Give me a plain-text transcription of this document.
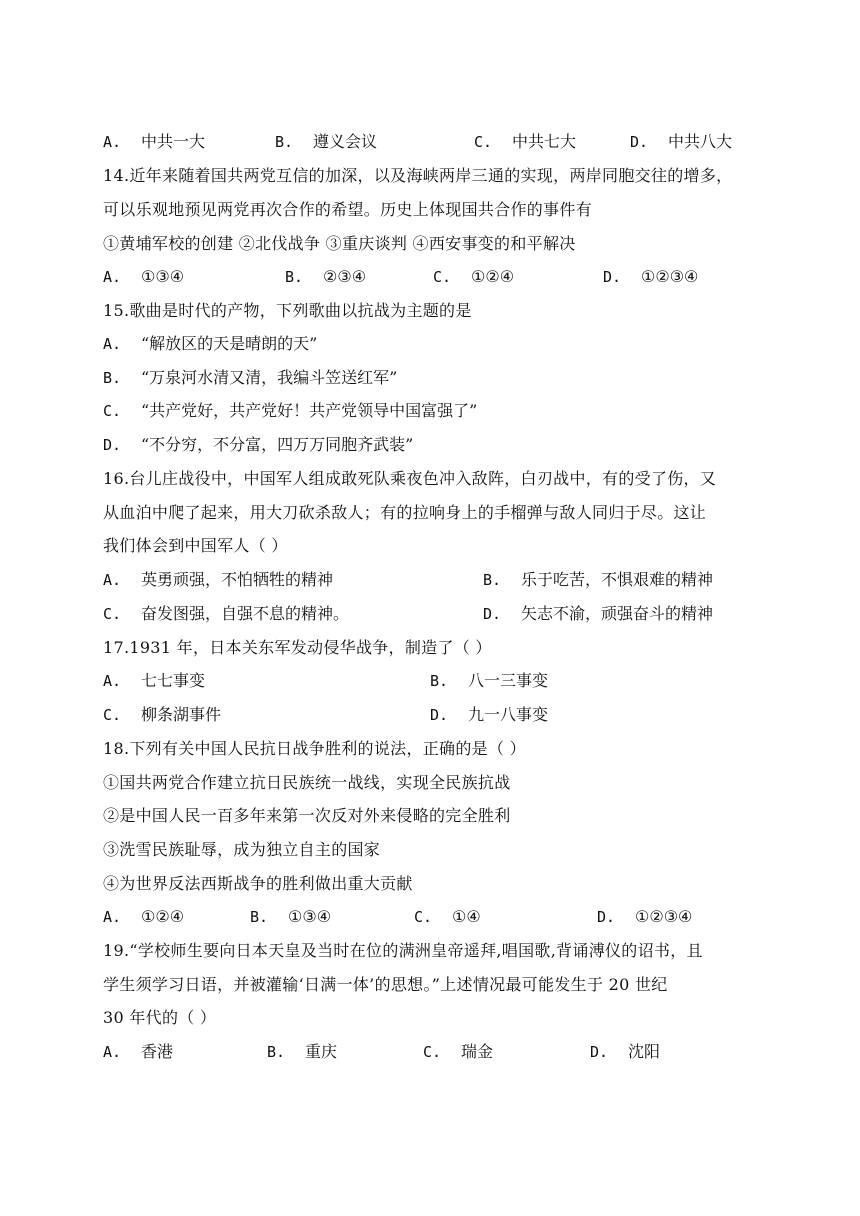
A. 中共一大	B. 遵义会议	C. 中共七大	D. 中共八大
14.近年来随着国共两党互信的加深，以及海峡两岸三通的实现，两岸同胞交往的增多，
可以乐观地预见两党再次合作的希望。历史上体现国共合作的事件有
①黄埔军校的创建 ②北伐战争 ③重庆谈判 ④西安事变的和平解决
A. ①③④	B. ②③④	C. ①②④	D. ①②③④
15.歌曲是时代的产物，下列歌曲以抗战为主题的是
A. “解放区的天是晴朗的天”
B. “万泉河水清又清，我编斗笠送红军”
C. “共产党好，共产党好！共产党领导中国富强了”
D. “不分穷，不分富，四万万同胞齐武装”
16.台儿庄战役中，中国军人组成敢死队乘夜色冲入敌阵，白刃战中，有的受了伤，又
从血泊中爬了起来，用大刀砍杀敌人；有的拉响身上的手榴弹与敌人同归于尽。这让
我们体会到中国军人（ ）
A. 英勇顽强，不怕牺牲的精神	B. 乐于吃苦，不惧艰难的精神
C. 奋发图强，自强不息的精神。	D. 矢志不渝，顽强奋斗的精神
17.1931 年，日本关东军发动侵华战争，制造了（ ）
A. 七七事变	B. 八一三事变
C. 柳条湖事件	D. 九一八事变
18.下列有关中国人民抗日战争胜利的说法，正确的是（ ）
①国共两党合作建立抗日民族统一战线，实现全民族抗战
②是中国人民一百多年来第一次反对外来侵略的完全胜利
③洗雪民族耻辱，成为独立自主的国家
④为世界反法西斯战争的胜利做出重大贡献
A. ①②④	B. ①③④	C. ①④	D. ①②③④
19.“学校师生要向日本天皇及当时在位的满洲皇帝遥拜,唱国歌,背诵溥仪的诏书，且
学生须学习日语，并被灌输‘日满一体’的思想。”上述情况最可能发生于 20 世纪
30 年代的（ ）
A. 香港	B. 重庆	C. 瑞金	D. 沈阳
